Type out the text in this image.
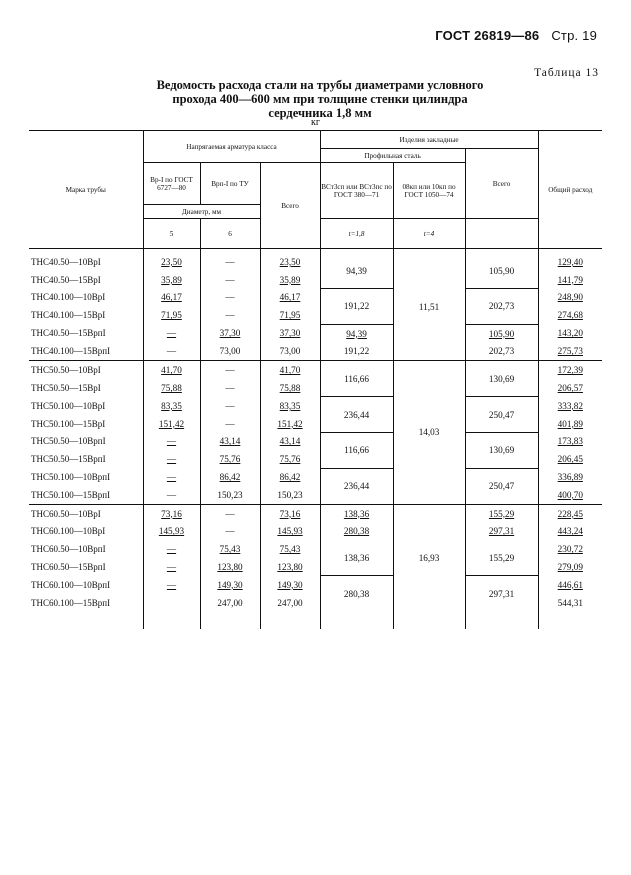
ГОСТ 26819—86 Стр. 19
Таблица 13
Ведомость расхода стали на трубы диаметрами условного прохода 400—600 мм при толщине стенки цилиндра сердечника 1,8 мм
кг
Марка трубы	Напрягаемая арматура класса			Изделия закладные			Общий расход
				Профильная сталь		Всего	
	Вр-I по ГОСТ 6727—80	Врп-I по ТУ	Всего	ВСт3сп или ВСт3пс по ГОСТ 380—71	08кп или 10кп по ГОСТ 1050—74		
	Диаметр, мм						
	5	6		t=1,8	t=4		
ТНС40.50—10ВрI	23,50	—	23,50	94,39	11,51	105,90	129,40
ТНС40.50—15ВрI	35,89	—	35,89				141,79
ТНС40.100—10ВрI	46,17	—	46,17	191,22		202,73	248,90
ТНС40.100—15ВрI	71,95	—	71,95				274,68
ТНС40.50—15ВрпI	—	37,30	37,30	94,39		105,90	143,20
ТНС40.100—15ВрпI	—	73,00	73,00	191,22		202,73	275,73
ТНС50.50—10ВрI	41,70	—	41,70	116,66	14,03	130,69	172,39
ТНС50.50—15ВрI	75,88	—	75,88				206,57
ТНС50.100—10ВрI	83,35	—	83,35	236,44		250,47	333,82
ТНС50.100—15ВрI	151,42	—	151,42				401,89
ТНС50.50—10ВрпI	—	43,14	43,14	116,66		130,69	173,83
ТНС50.50—15ВрпI	—	75,76	75,76				206,45
ТНС50.100—10ВрпI	—	86,42	86,42	236,44		250,47	336,89
ТНС50.100—15ВрпI	—	150,23	150,23				400,70
ТНС60.50—10ВрI	73,16	—	73,16	138,36	16,93	155,29	228,45
ТНС60.100—10ВрI	145,93	—	145,93	280,38		297,31	443,24
ТНС60.50—10ВрпI	—	75,43	75,43	138,36		155,29	230,72
ТНС60.50—15ВрпI	—	123,80	123,80				279,09
ТНС60.100—10ВрпI	—	149,30	149,30	280,38		297,31	446,61
ТНС60.100—15ВрпI		247,00	247,00				544,31
